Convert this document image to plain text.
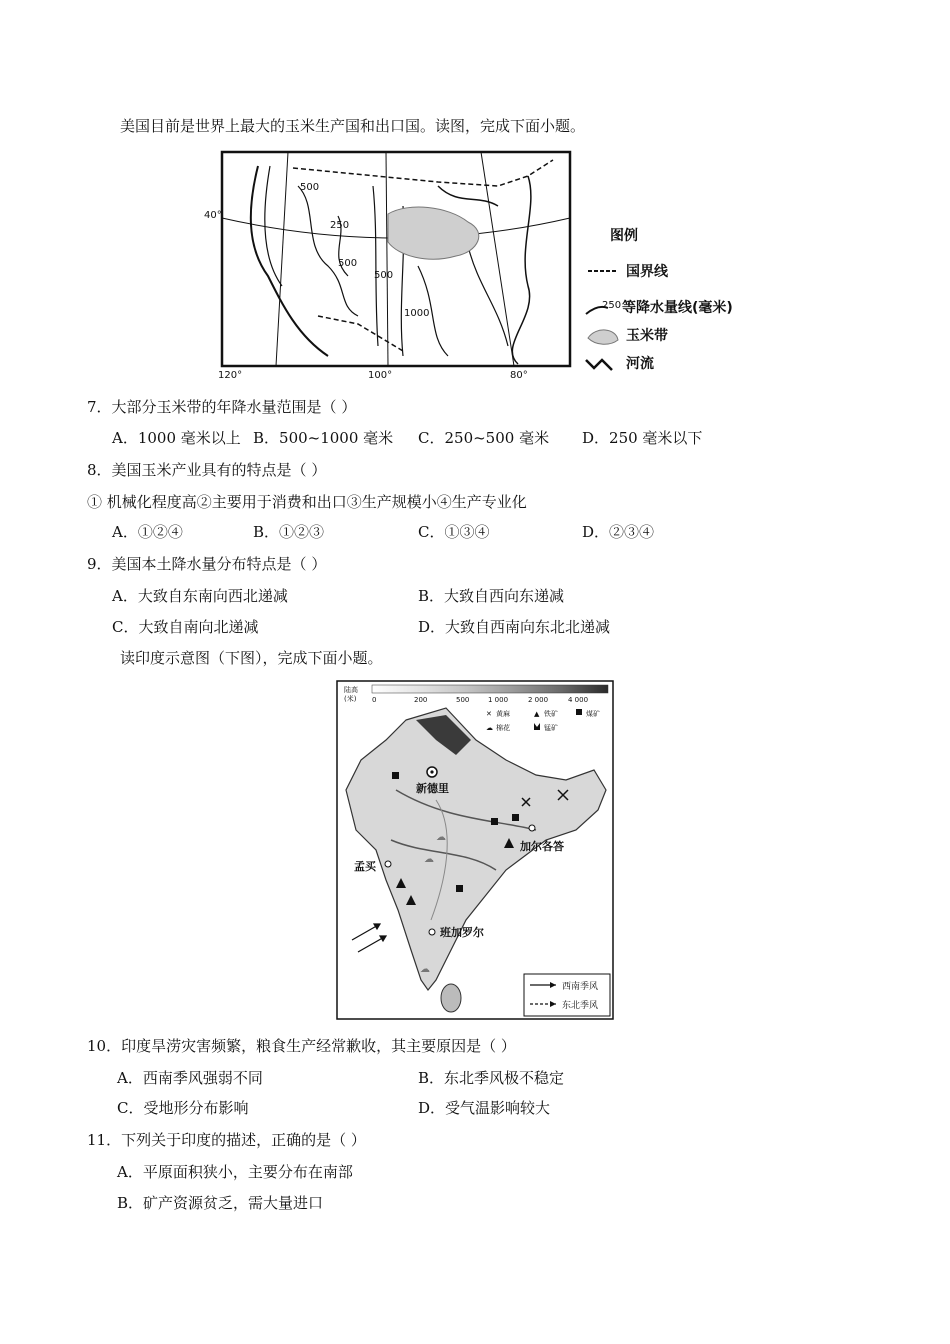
美国目前是世界上最大的玉米生产国和出口国。读图，完成下面小题。
500
250
500
500
1000
40°
120°	100°	80°
图例
国界线
250 等降水量线(毫米)
玉米带
河流
7．大部分玉米带的年降水量范围是（ ）
A．1000 毫米以上 B．500~1000 毫米 C．250~500 毫米 D．250 毫米以下
8．美国玉米产业具有的特点是（ ）
① 机械化程度高②主要用于消费和出口③生产规模小④生产专业化
A．①②④	B．①②③	C．①③④	D．②③④
9．美国本土降水量分布特点是（ ）
A．大致自东南向西北递减	B．大致自西向东递减
C．大致自南向北递减	D．大致自西南向东北北递减
读印度示意图（下图），完成下面小题。
陆高
(米) 0	200	500	1 000	2 000	4 000
✕ 黄麻	▲ 铁矿	煤矿
☁ 棉花	锰矿
☁
☁
☁
新德里
加尔各答
孟买
班加罗尔
西南季风
东北季风
10．印度旱涝灾害频繁，粮食生产经常歉收，其主要原因是（ ）
A．西南季风强弱不同	B．东北季风极不稳定
C．受地形分布影响	D．受气温影响较大
11．下列关于印度的描述，正确的是（ ）
A．平原面积狭小，主要分布在南部
B．矿产资源贫乏，需大量进口
